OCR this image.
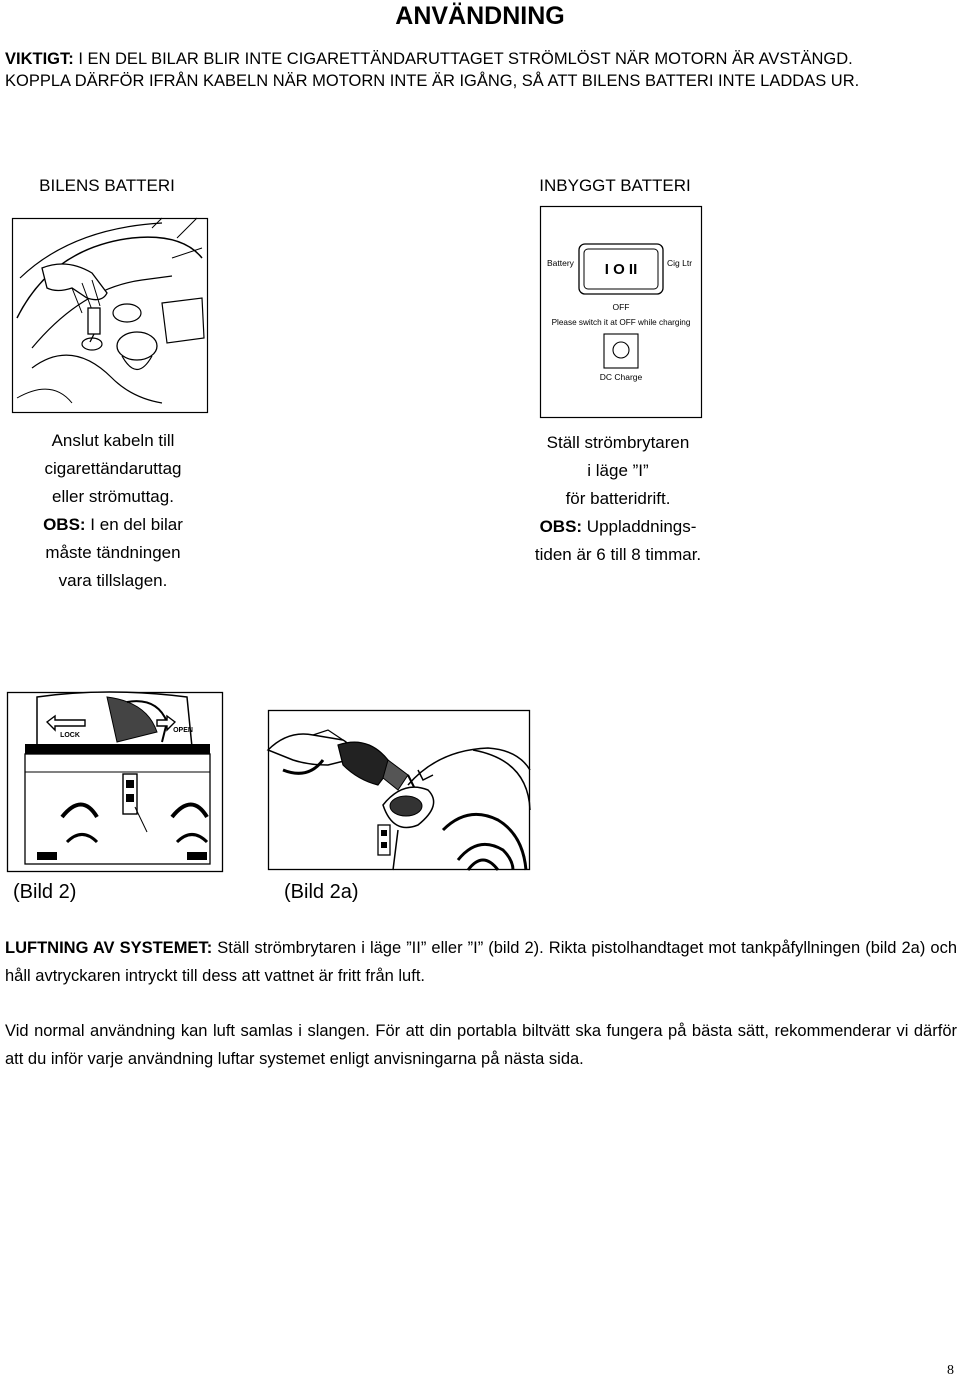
ANVÄNDNING
VIKTIGT: I EN DEL BILAR BLIR INTE CIGARETTÄNDARUTTAGET STRÖMLÖST NÄR MOTORN ÄR AVSTÄNGD.
KOPPLA DÄRFÖR IFRÅN KABELN NÄR MOTORN INTE ÄR IGÅNG, SÅ ATT BILENS BATTERI INTE LADDAS UR.
BILENS BATTERI	INBYGGT BATTERI
Battery	Cig Ltr
I O II
OFF
Please switch it at OFF while charging
DC Charge
Anslut kabeln till
cigarettändaruttag
eller strömuttag.
OBS: I en del bilar
måste tändningen
vara tillslagen.
Ställ strömbrytaren
i läge ”I”
för batteridrift.
OBS: Uppladdnings-
tiden är 6 till 8 timmar.
LOCK
OPEN
(Bild 2)	(Bild 2a)
LUFTNING AV SYSTEMET: Ställ strömbrytaren i läge ”II” eller ”I” (bild 2). Rikta pistolhandtaget mot tankpåfyllningen (bild 2a) och håll avtryckaren intryckt till dess att vattnet är fritt från luft.
Vid normal användning kan luft samlas i slangen. För att din portabla biltvätt ska fungera på bästa sätt, rekommenderar vi därför att du inför varje användning luftar systemet enligt anvisningarna på nästa sida.
8
